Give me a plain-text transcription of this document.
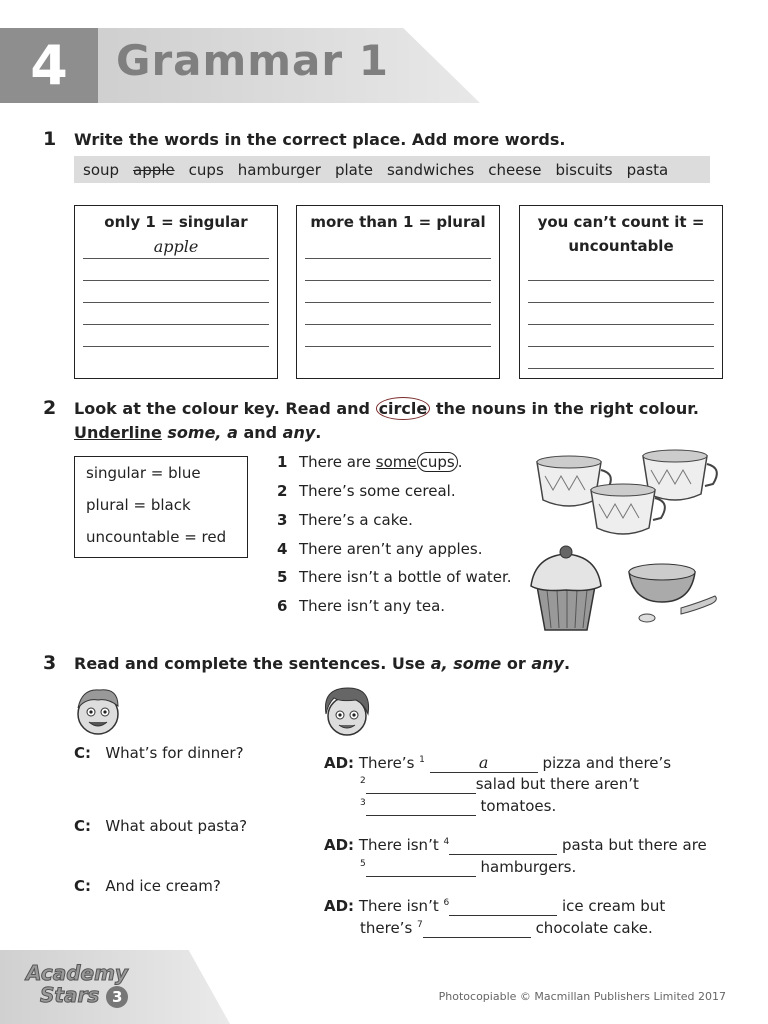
4	Grammar 1
1 Write the words in the correct place. Add more words.
soup apple cups hamburger plate sandwiches cheese biscuits pasta
only 1 = singular
apple
more than 1 = plural	you can’t count it = uncountable
2 Look at the colour key. Read and circle the nouns in the right colour.
Underline some, a and any.
singular = blue
plural = black
uncountable = red
1 There are some cups .
2 There’s some cereal.
3 There’s a cake.
4 There aren’t any apples.
5 There isn’t a bottle of water.
6 There isn’t any tea.
3 Read and complete the sentences. Use a, some or any.
C: What’s for dinner?
C: What about pasta?
C: And ice cream?
AD: There’s $^1$	a	pizza and there’s
$^2$	salad but there aren’t
$^3$	tomatoes.
AD: There isn’t $^4$	pasta but there are
$^5$	hamburgers.
AD: There isn’t $^6$	ice cream but
there’s $^7$	chocolate cake.
Academy
Stars 3	Photocopiable © Macmillan Publishers Limited 2017
